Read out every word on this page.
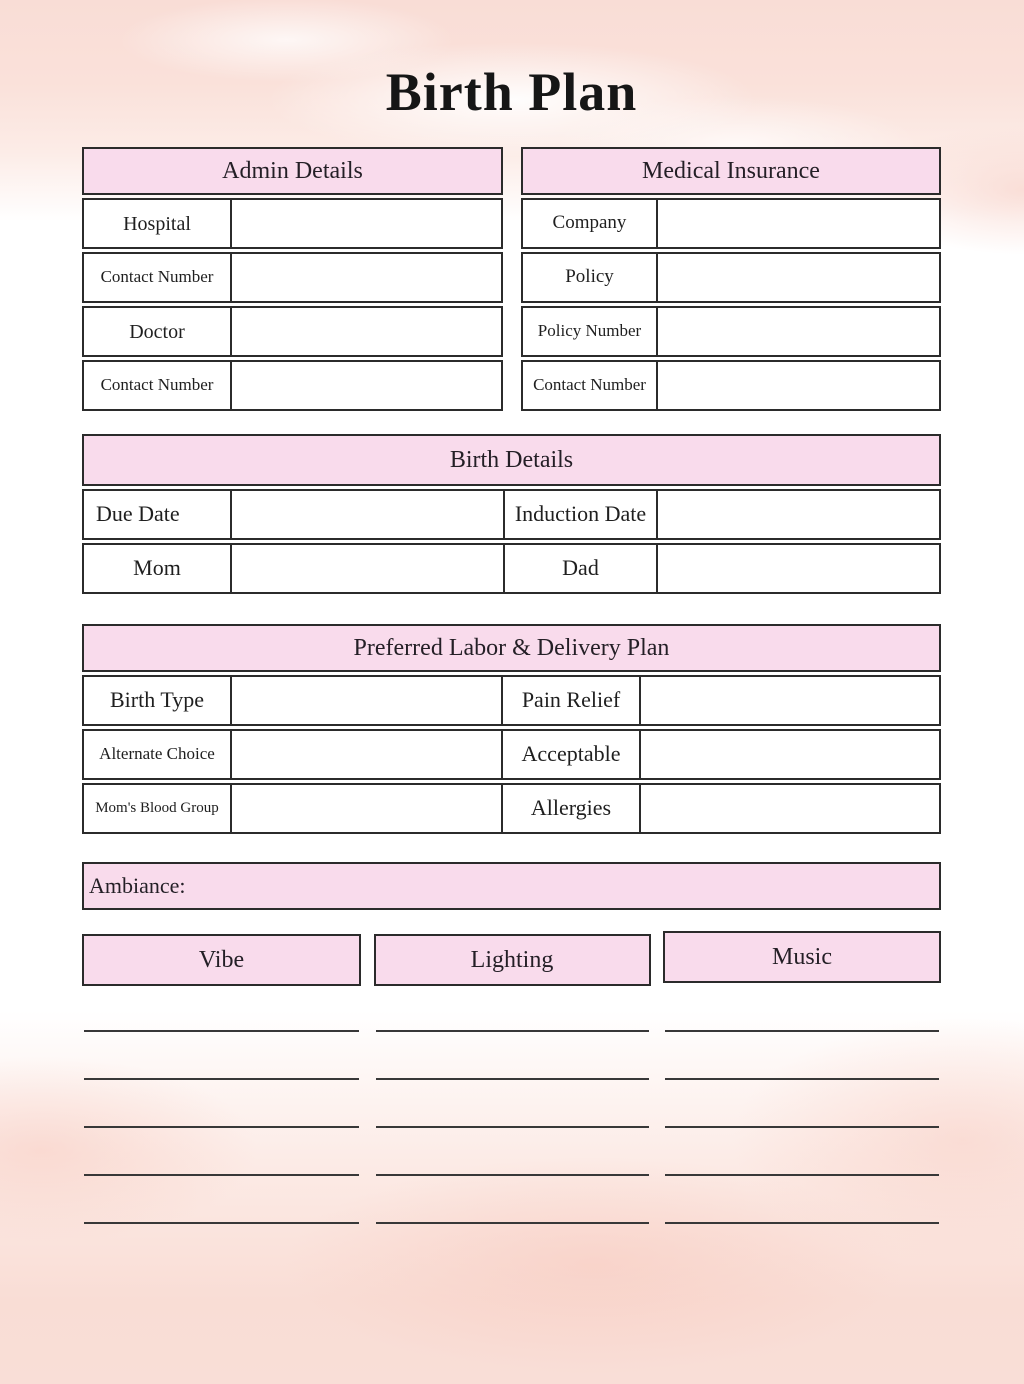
Birth Plan
Admin Details
Hospital
Contact Number
Doctor
Contact Number
Medical Insurance
Company
Policy
Policy Number
Contact Number
Birth Details
Due Date	Induction Date
Mom	Dad
Preferred Labor & Delivery Plan
Birth Type	Pain Relief
Alternate Choice	Acceptable
Mom's Blood Group	Allergies
Ambiance:
Vibe	Lighting	Music
